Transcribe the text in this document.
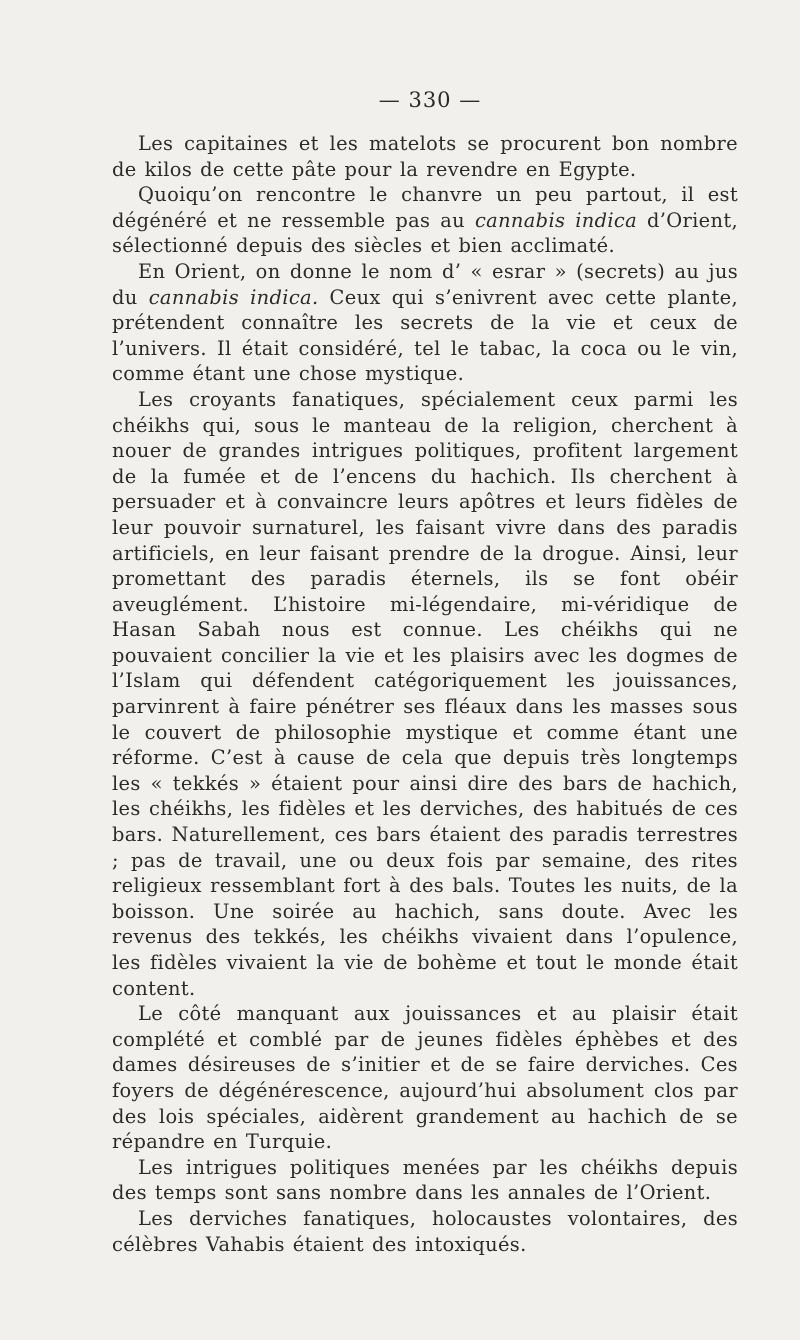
— 330 —

Les capitaines et les matelots se procurent bon nombre de kilos de cette pâte pour la revendre en Egypte.

Quoiqu’on rencontre le chanvre un peu partout, il est dégénéré et ne ressemble pas au cannabis indica d’Orient, sélectionné depuis des siècles et bien acclimaté.

En Orient, on donne le nom d’ « esrar » (secrets) au jus du cannabis indica. Ceux qui s’enivrent avec cette plante, prétendent connaître les secrets de la vie et ceux de l’univers. Il était considéré, tel le tabac, la coca ou le vin, comme étant une chose mystique.

Les croyants fanatiques, spécialement ceux parmi les chéikhs qui, sous le manteau de la religion, cherchent à nouer de grandes intrigues politiques, profitent largement de la fumée et de l’encens du hachich. Ils cherchent à persuader et à convaincre leurs apôtres et leurs fidèles de leur pouvoir surnaturel, les faisant vivre dans des paradis artificiels, en leur faisant prendre de la drogue. Ainsi, leur promettant des paradis éternels, ils se font obéir aveuglément. L’histoire mi-légendaire, mi-véridique de Hasan Sabah nous est connue. Les chéikhs qui ne pouvaient concilier la vie et les plaisirs avec les dogmes de l’Islam qui défendent catégoriquement les jouissances, parvinrent à faire pénétrer ses fléaux dans les masses sous le couvert de philosophie mystique et comme étant une réforme. C’est à cause de cela que depuis très longtemps les « tekkés » étaient pour ainsi dire des bars de hachich, les chéikhs, les fidèles et les derviches, des habitués de ces bars. Naturellement, ces bars étaient des paradis terrestres ; pas de travail, une ou deux fois par semaine, des rites religieux ressemblant fort à des bals. Toutes les nuits, de la boisson. Une soirée au hachich, sans doute. Avec les revenus des tekkés, les chéikhs vivaient dans l’opulence, les fidèles vivaient la vie de bohème et tout le monde était content.

Le côté manquant aux jouissances et au plaisir était complété et comblé par de jeunes fidèles éphèbes et des dames désireuses de s’initier et de se faire derviches. Ces foyers de dégénérescence, aujourd’hui absolument clos par des lois spéciales, aidèrent grandement au hachich de se répandre en Turquie.

Les intrigues politiques menées par les chéikhs depuis des temps sont sans nombre dans les annales de l’Orient.

Les derviches fanatiques, holocaustes volontaires, des célèbres Vahabis étaient des intoxiqués.
